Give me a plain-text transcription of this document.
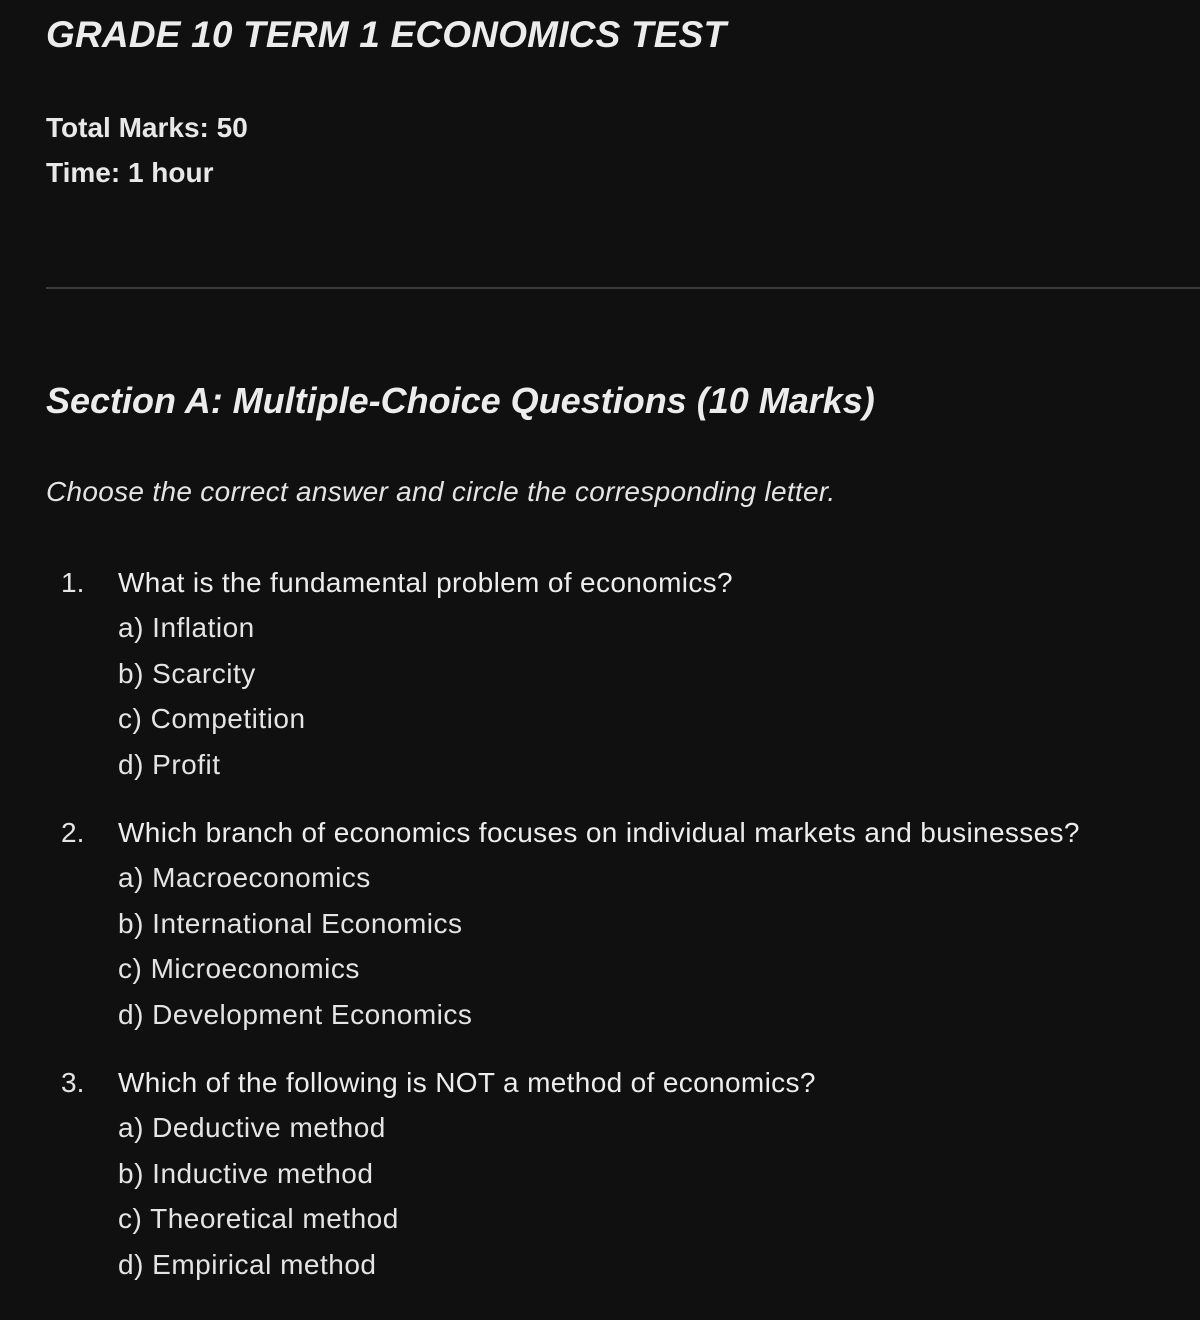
GRADE 10 TERM 1 ECONOMICS TEST
Total Marks: 50
Time: 1 hour
Section A: Multiple-Choice Questions (10 Marks)
Choose the correct answer and circle the corresponding letter.
1. What is the fundamental problem of economics?
a) Inflation
b) Scarcity
c) Competition
d) Profit
2. Which branch of economics focuses on individual markets and businesses?
a) Macroeconomics
b) International Economics
c) Microeconomics
d) Development Economics
3. Which of the following is NOT a method of economics?
a) Deductive method
b) Inductive method
c) Theoretical method
d) Empirical method
